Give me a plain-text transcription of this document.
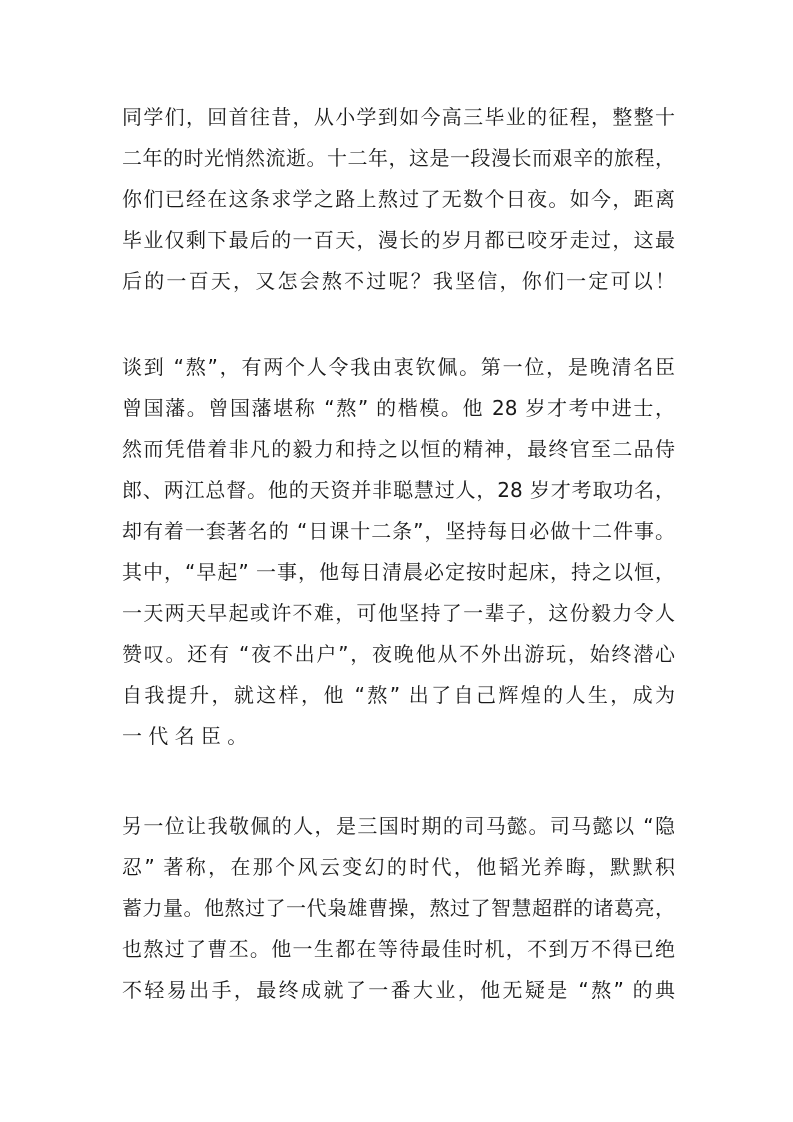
同学们，回首往昔，从小学到如今高三毕业的征程，整整十
二年的时光悄然流逝。十二年，这是一段漫长而艰辛的旅程，
你们已经在这条求学之路上熬过了无数个日夜。如今，距离
毕业仅剩下最后的一百天，漫长的岁月都已咬牙走过，这最
后的一百天，又怎会熬不过呢？我坚信，你们一定可以！
谈到 “熬”，有两个人令我由衷钦佩。第一位，是晚清名臣
曾国藩。曾国藩堪称 “熬” 的楷模。他 28 岁才考中进士，
然而凭借着非凡的毅力和持之以恒的精神，最终官至二品侍
郎、两江总督。他的天资并非聪慧过人，28 岁才考取功名，
却有着一套著名的 “日课十二条”，坚持每日必做十二件事。
其中，“早起” 一事，他每日清晨必定按时起床，持之以恒，
一天两天早起或许不难，可他坚持了一辈子，这份毅力令人
赞叹。还有 “夜不出户”，夜晚他从不外出游玩，始终潜心
自我提升，就这样，他 “熬” 出了自己辉煌的人生，成为
一代名臣。
另一位让我敬佩的人，是三国时期的司马懿。司马懿以 “隐
忍” 著称，在那个风云变幻的时代，他韬光养晦，默默积
蓄力量。他熬过了一代枭雄曹操，熬过了智慧超群的诸葛亮，
也熬过了曹丕。他一生都在等待最佳时机，不到万不得已绝
不轻易出手，最终成就了一番大业，他无疑是 “熬” 的典
